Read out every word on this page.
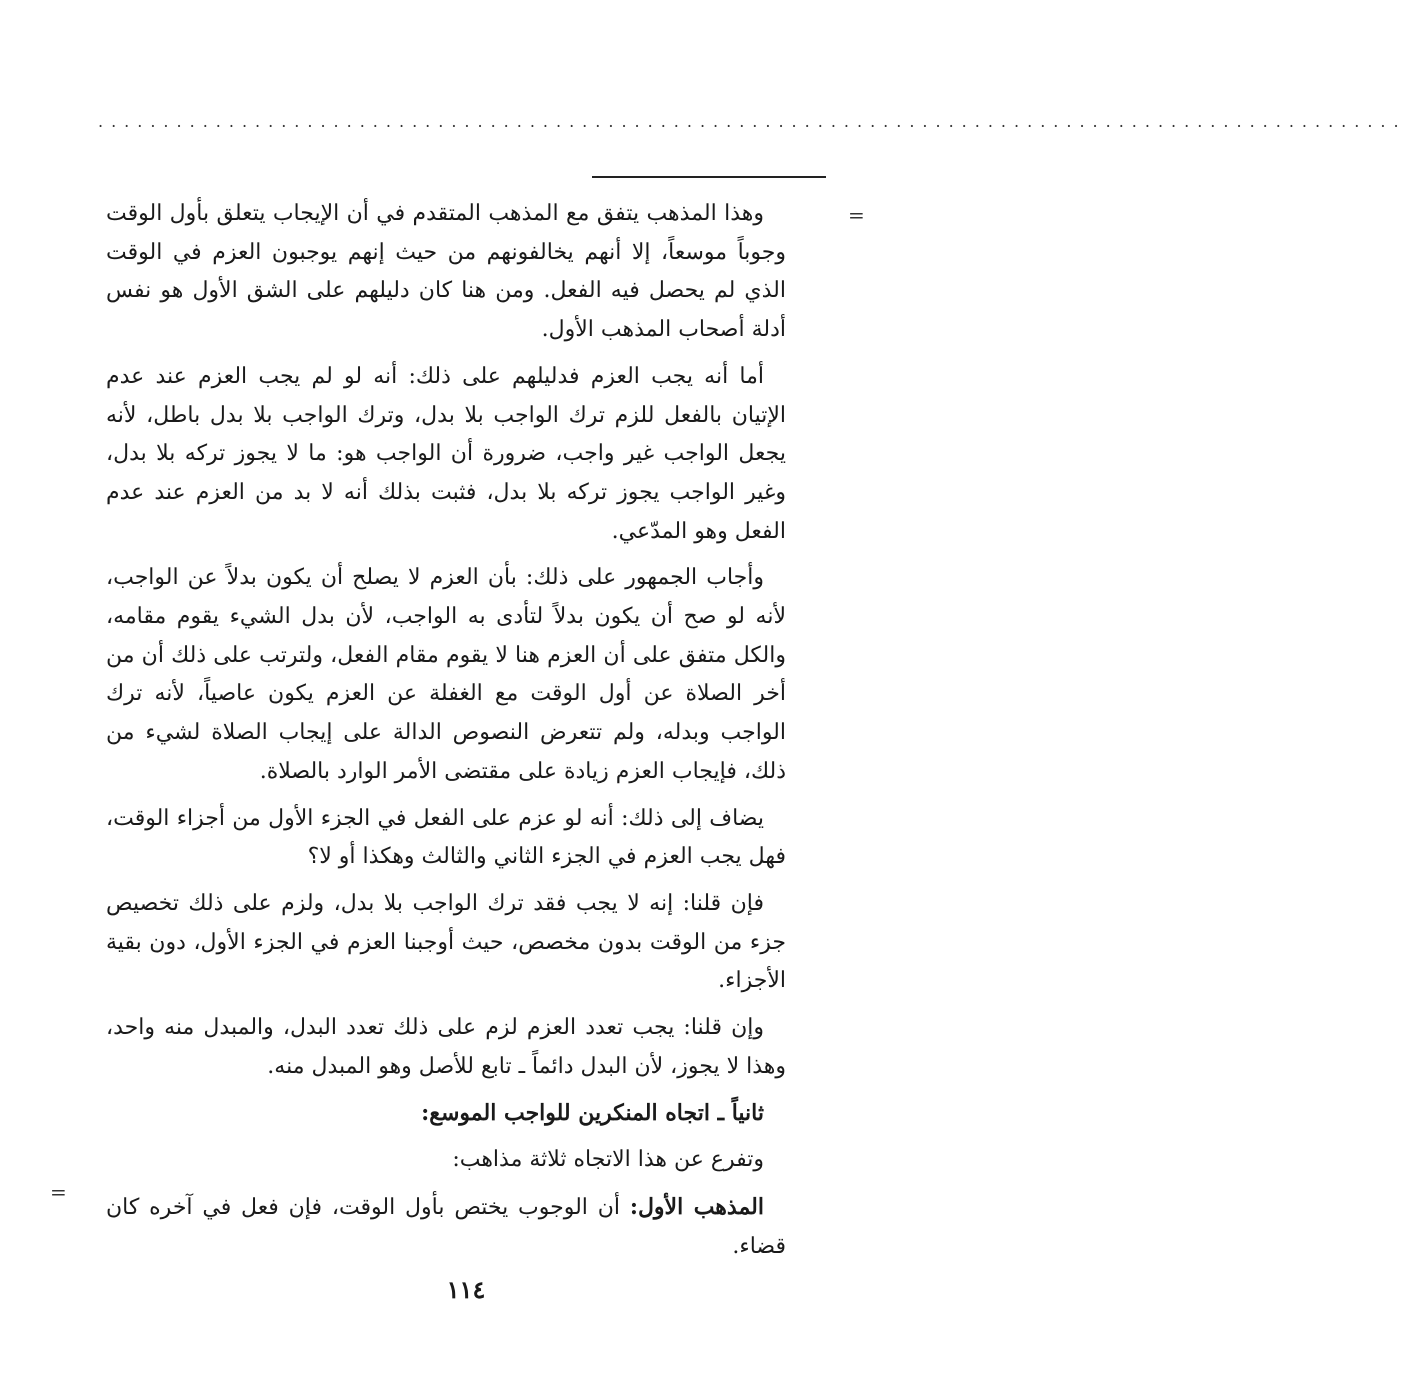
....................................................................................................
=
=

وهذا المذهب يتفق مع المذهب المتقدم في أن الإيجاب يتعلق بأول الوقت وجوباً موسعاً، إلا أنهم يخالفونهم من حيث إنهم يوجبون العزم في الوقت الذي لم يحصل فيه الفعل. ومن هنا كان دليلهم على الشق الأول هو نفس أدلة أصحاب المذهب الأول.

أما أنه يجب العزم فدليلهم على ذلك: أنه لو لم يجب العزم عند عدم الإتيان بالفعل للزم ترك الواجب بلا بدل، وترك الواجب بلا بدل باطل، لأنه يجعل الواجب غير واجب، ضرورة أن الواجب هو: ما لا يجوز تركه بلا بدل، وغير الواجب يجوز تركه بلا بدل، فثبت بذلك أنه لا بد من العزم عند عدم الفعل وهو المدّعي.

وأجاب الجمهور على ذلك: بأن العزم لا يصلح أن يكون بدلاً عن الواجب، لأنه لو صح أن يكون بدلاً لتأدى به الواجب، لأن بدل الشيء يقوم مقامه، والكل متفق على أن العزم هنا لا يقوم مقام الفعل، ولترتب على ذلك أن من أخر الصلاة عن أول الوقت مع الغفلة عن العزم يكون عاصياً، لأنه ترك الواجب وبدله، ولم تتعرض النصوص الدالة على إيجاب الصلاة لشيء من ذلك، فإيجاب العزم زيادة على مقتضى الأمر الوارد بالصلاة.

يضاف إلى ذلك: أنه لو عزم على الفعل في الجزء الأول من أجزاء الوقت، فهل يجب العزم في الجزء الثاني والثالث وهكذا أو لا؟

فإن قلنا: إنه لا يجب فقد ترك الواجب بلا بدل، ولزم على ذلك تخصيص جزء من الوقت بدون مخصص، حيث أوجبنا العزم في الجزء الأول، دون بقية الأجزاء.

وإن قلنا: يجب تعدد العزم لزم على ذلك تعدد البدل، والمبدل منه واحد، وهذا لا يجوز، لأن البدل دائماً ـ تابع للأصل وهو المبدل منه.

ثانياً ـ اتجاه المنكرين للواجب الموسع:

وتفرع عن هذا الاتجاه ثلاثة مذاهب:

المذهب الأول: أن الوجوب يختص بأول الوقت، فإن فعل في آخره كان قضاء.

١١٤
